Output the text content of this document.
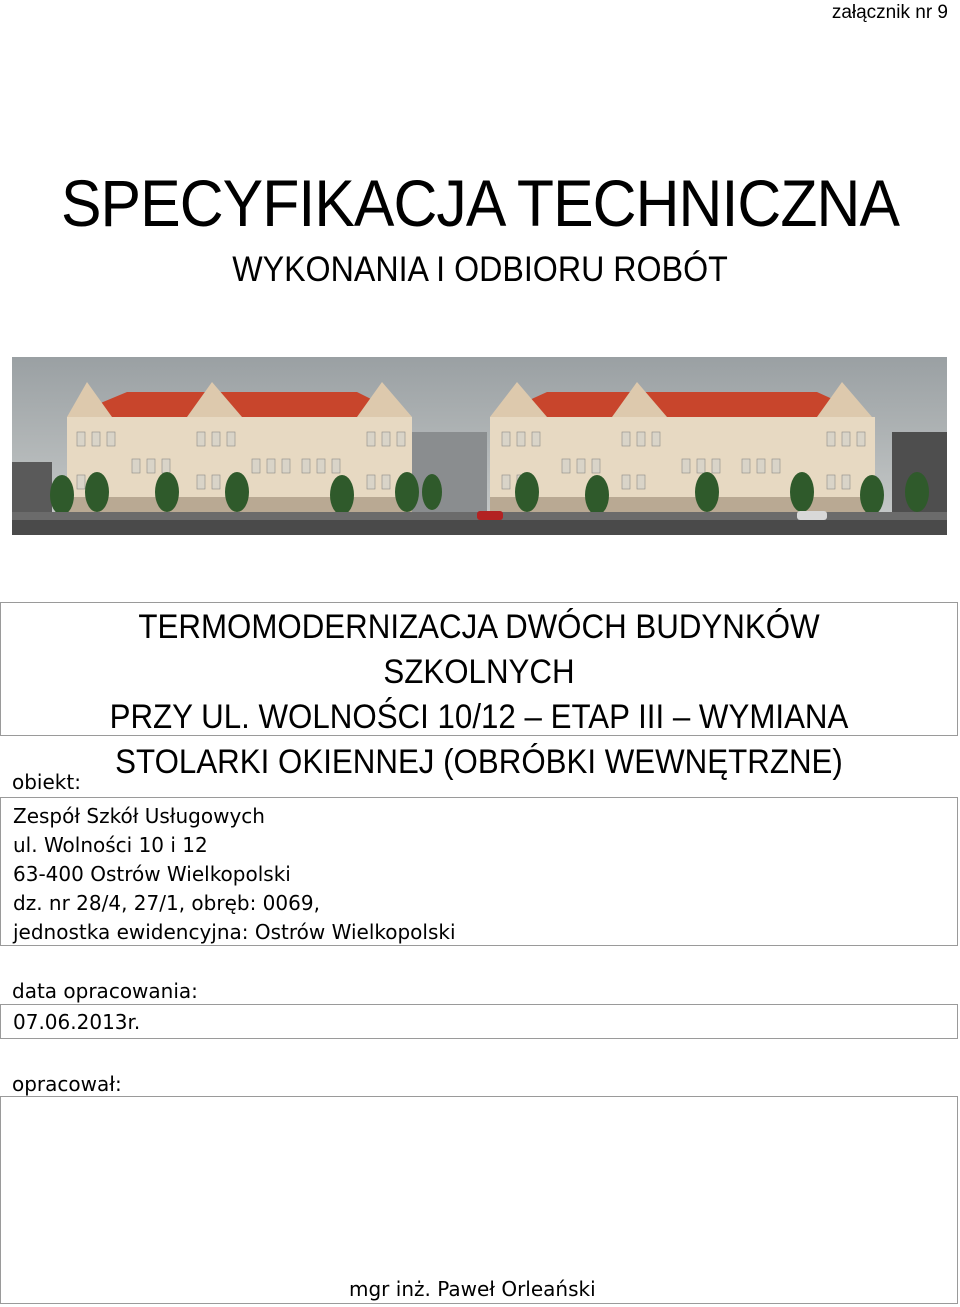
załącznik nr 9
SPECYFIKACJA TECHNICZNA
WYKONANIA I ODBIORU ROBÓT
TERMOMODERNIZACJA DWÓCH BUDYNKÓW SZKOLNYCH
PRZY UL. WOLNOŚCI 10/12 – ETAP III – WYMIANA
STOLARKI OKIENNEJ (OBRÓBKI WEWNĘTRZNE)
obiekt:
Zespół Szkół Usługowych
ul. Wolności 10 i 12
63-400 Ostrów Wielkopolski
dz. nr 28/4, 27/1, obręb: 0069,
jednostka ewidencyjna: Ostrów Wielkopolski
data opracowania:
07.06.2013r.
opracował:
mgr inż. Paweł Orleański
